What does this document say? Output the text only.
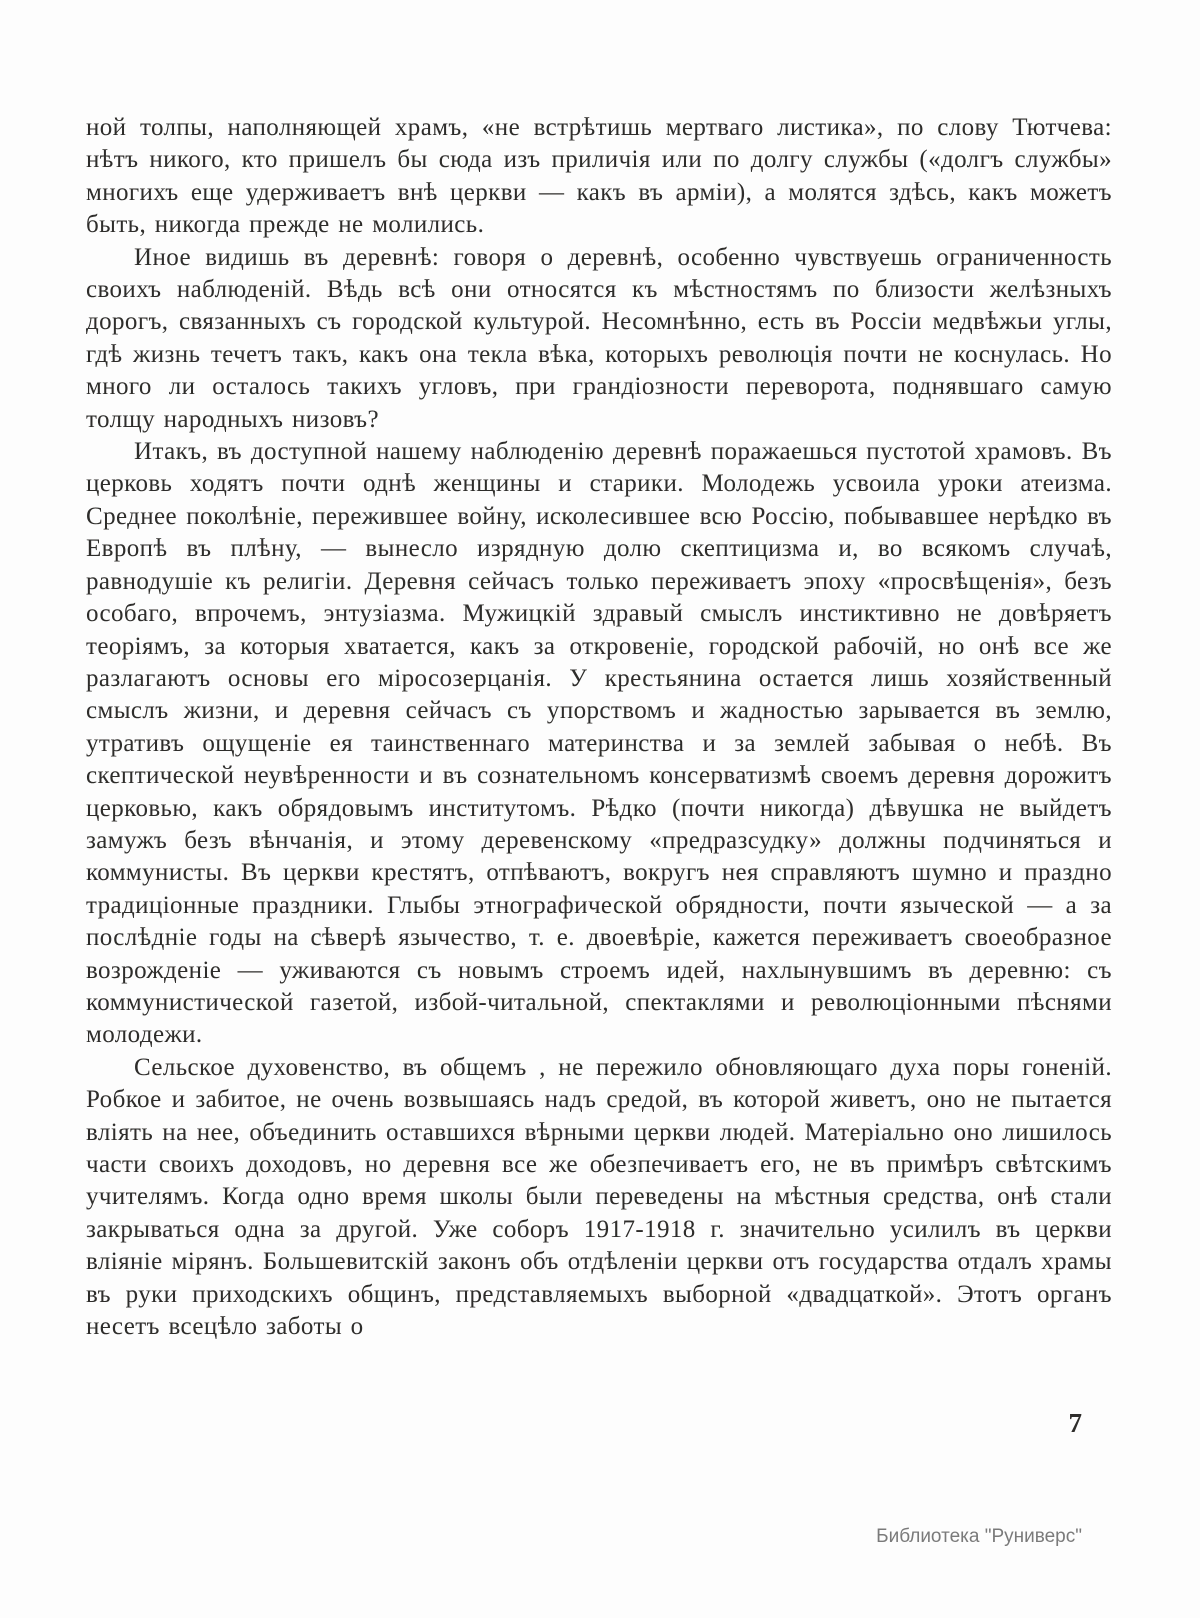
ной толпы, наполняющей храмъ, «не встрѣтишь мертваго листика», по слову Тютчева: нѣтъ никого, кто пришелъ бы сюда изъ приличія или по долгу службы («долгъ службы» многихъ еще удерживаетъ внѣ церкви — какъ въ арміи), а молятся здѣсь, какъ можетъ быть, никогда прежде не молились.

Иное видишь въ деревнѣ: говоря о деревнѣ, особенно чувствуешь ограниченность своихъ наблюденій. Вѣдь всѣ они относятся къ мѣстностямъ по близости желѣзныхъ дорогъ, связанныхъ съ городской культурой. Несомнѣнно, есть въ Россіи медвѣжьи углы, гдѣ жизнь течетъ такъ, какъ она текла вѣка, которыхъ революція почти не коснулась. Но много ли осталось такихъ угловъ, при грандіозности переворота, поднявшаго самую толщу народныхъ низовъ?

Итакъ, въ доступной нашему наблюденію деревнѣ поражаешься пустотой храмовъ. Въ церковь ходятъ почти однѣ женщины и старики. Молодежь усвоила уроки атеизма. Среднее поколѣніе, пережившее войну, исколесившее всю Россію, побывавшее нерѣдко въ Европѣ въ плѣну, — вынесло изрядную долю скептицизма и, во всякомъ случаѣ, равнодушіе къ религіи. Деревня сейчасъ только переживаетъ эпоху «просвѣщенія», безъ особаго, впрочемъ, энтузіазма. Мужицкій здравый смыслъ инстиктивно не довѣряетъ теоріямъ, за которыя хватается, какъ за откровеніе, городской рабочій, но онѣ все же разлагаютъ основы его міросозерцанія. У крестьянина остается лишь хозяйственный смыслъ жизни, и деревня сейчасъ съ упорствомъ и жадностью зарывается въ землю, утративъ ощущеніе ея таинственнаго материнства и за землей забывая о небѣ. Въ скептической неувѣренности и въ сознательномъ консерватизмѣ своемъ деревня дорожитъ церковью, какъ обрядовымъ институтомъ. Рѣдко (почти никогда) дѣвушка не выйдетъ замужъ безъ вѣнчанія, и этому деревенскому «предразсудку» должны подчиняться и коммунисты. Въ церкви крестятъ, отпѣваютъ, вокругъ нея справляютъ шумно и праздно традиціонные праздники. Глыбы этнографической обрядности, почти языческой — а за послѣдніе годы на сѣверѣ язычество, т. е. двоевѣріе, кажется переживаетъ своеобразное возрожденіе — уживаются съ новымъ строемъ идей, нахлынувшимъ въ деревню: съ коммунистической газетой, избой-читальной, спектаклями и революціонными пѣснями молодежи.

Сельское духовенство, въ общемъ , не пережило обновляющаго духа поры гоненій. Робкое и забитое, не очень возвышаясь надъ средой, въ которой живетъ, оно не пытается вліять на нее, объединить оставшихся вѣрными церкви людей. Матеріально оно лишилось части своихъ доходовъ, но деревня все же обезпечиваетъ его, не въ примѣръ свѣтскимъ учителямъ. Когда одно время школы были переведены на мѣстныя средства, онѣ стали закрываться одна за другой. Уже соборъ 1917-1918 г. значительно усилилъ въ церкви вліяніе мірянъ. Большевитскій законъ объ отдѣленіи церкви отъ государства отдалъ храмы въ руки приходскихъ общинъ, представляемыхъ выборной «двадцаткой». Этотъ органъ несетъ всецѣло заботы о

7
Библиотека "Руниверс"
